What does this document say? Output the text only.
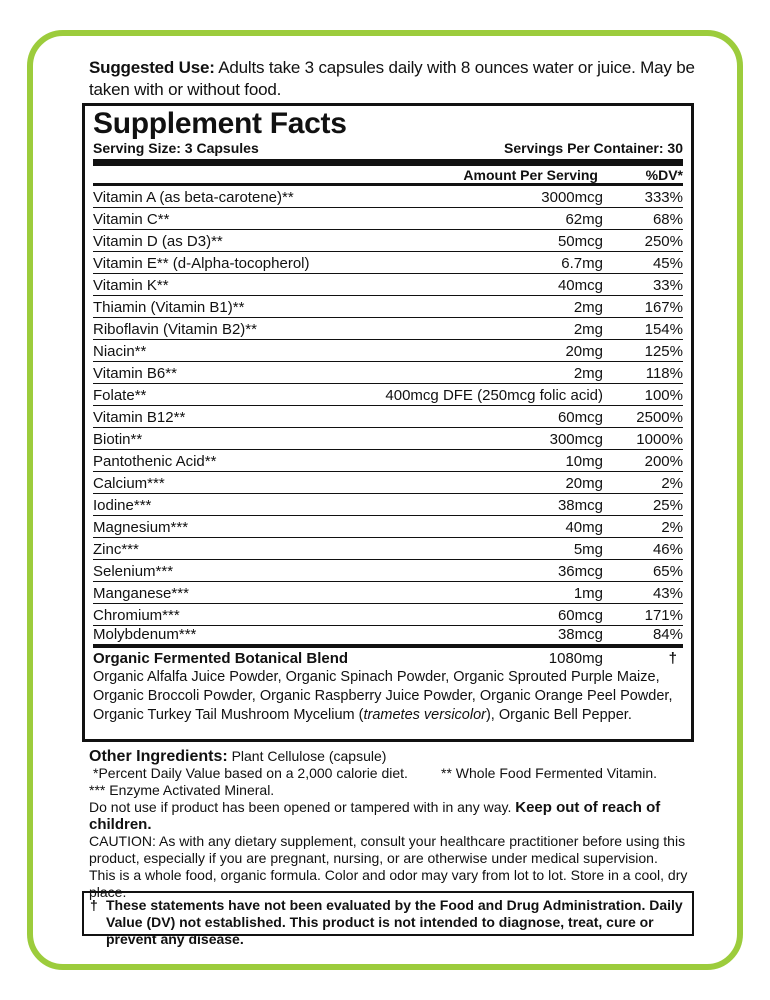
Suggested Use: Adults take 3 capsules daily with 8 ounces water or juice. May be taken with or without food.
Supplement Facts
Serving Size: 3 Capsules	Servings Per Container: 30
Amount Per Serving	%DV*
Vitamin A (as beta-carotene)**	3000mcg	333%
Vitamin C**	62mg	68%
Vitamin D (as D3)**	50mcg	250%
Vitamin E** (d-Alpha-tocopherol)	6.7mg	45%
Vitamin K**	40mcg	33%
Thiamin (Vitamin B1)**	2mg	167%
Riboflavin (Vitamin B2)**	2mg	154%
Niacin**	20mg	125%
Vitamin B6**	2mg	118%
Folate**	400mcg DFE (250mcg folic acid)	100%
Vitamin B12**	60mcg	2500%
Biotin**	300mcg	1000%
Pantothenic Acid**	10mg	200%
Calcium***	20mg	2%
Iodine***	38mcg	25%
Magnesium***	40mg	2%
Zinc***	5mg	46%
Selenium***	36mcg	65%
Manganese***	1mg	43%
Chromium***	60mcg	171%
Molybdenum***	38mcg	84%
Organic Fermented Botanical Blend	1080mg	†
Organic Alfalfa Juice Powder, Organic Spinach Powder, Organic Sprouted Purple Maize, Organic Broccoli Powder, Organic Raspberry Juice Powder, Organic Orange Peel Powder, Organic Turkey Tail Mushroom Mycelium (trametes versicolor), Organic Bell Pepper.
Other Ingredients: Plant Cellulose (capsule)
*Percent Daily Value based on a 2,000 calorie diet.	** Whole Food Fermented Vitamin.
*** Enzyme Activated Mineral.
Do not use if product has been opened or tampered with in any way. Keep out of reach of children.
CAUTION: As with any dietary supplement, consult your healthcare practitioner before using this product, especially if you are pregnant, nursing, or are otherwise under medical supervision.
This is a whole food, organic formula. Color and odor may vary from lot to lot. Store in a cool, dry place.
† These statements have not been evaluated by the Food and Drug Administration. Daily Value (DV) not established. This product is not intended to diagnose, treat, cure or prevent any disease.
